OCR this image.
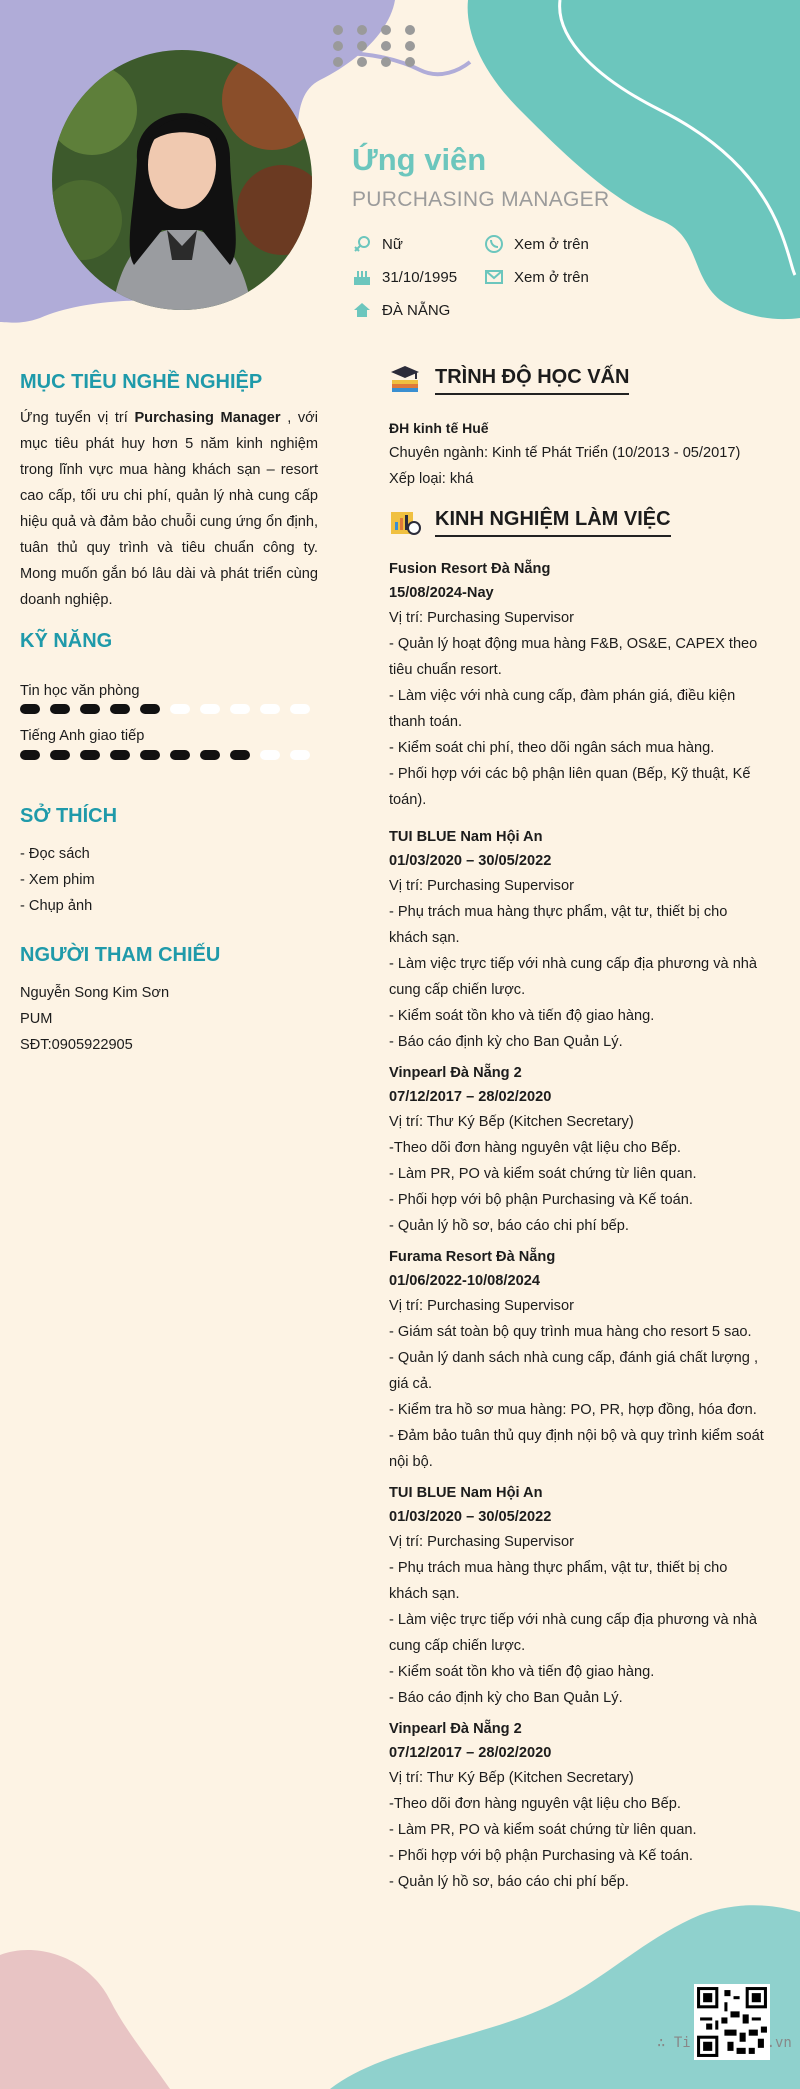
Ứng viên
PURCHASING MANAGER
Nữ	Xem ở trên
31/10/1995	Xem ở trên
ĐÀ NẴNG
MỤC TIÊU NGHỀ NGHIỆP
Ứng tuyển vị trí Purchasing Manager , với mục tiêu phát huy hơn 5 năm kinh nghiệm trong lĩnh vực mua hàng khách sạn – resort cao cấp, tối ưu chi phí, quản lý nhà cung cấp hiệu quả và đảm bảo chuỗi cung ứng ổn định, tuân thủ quy trình và tiêu chuẩn công ty. Mong muốn gắn bó lâu dài và phát triển cùng doanh nghiệp.
KỸ NĂNG
Tin học văn phòng
Tiếng Anh giao tiếp
SỞ THÍCH
- Đọc sách
- Xem phim
- Chụp ảnh
NGƯỜI THAM CHIẾU
Nguyễn Song Kim Sơn
PUM
SĐT:0905922905
TRÌNH ĐỘ HỌC VẤN
ĐH kinh tế Huế
Chuyên ngành: Kinh tế Phát Triển (10/2013 - 05/2017)
Xếp loại: khá
KINH NGHIỆM LÀM VIỆC
Fusion Resort Đà Nẵng
15/08/2024-Nay
Vị trí: Purchasing Supervisor
- Quản lý hoạt động mua hàng F&B, OS&E, CAPEX theo tiêu chuẩn resort.
- Làm việc với nhà cung cấp, đàm phán giá, điều kiện thanh toán.
- Kiểm soát chi phí, theo dõi ngân sách mua hàng.
- Phối hợp với các bộ phận liên quan (Bếp, Kỹ thuật, Kế toán).
TUI BLUE Nam Hội An
01/03/2020 – 30/05/2022
Vị trí: Purchasing Supervisor
- Phụ trách mua hàng thực phẩm, vật tư, thiết bị cho khách sạn.
- Làm việc trực tiếp với nhà cung cấp địa phương và nhà cung cấp chiến lược.
- Kiểm soát tồn kho và tiến độ giao hàng.
- Báo cáo định kỳ cho Ban Quản Lý.
Vinpearl Đà Nẵng 2
07/12/2017 – 28/02/2020
Vị trí: Thư Ký Bếp (Kitchen Secretary)
-Theo dõi đơn hàng nguyên vật liệu cho Bếp.
- Làm PR, PO và kiểm soát chứng từ liên quan.
- Phối hợp với bộ phận Purchasing và Kế toán.
- Quản lý hồ sơ, báo cáo chi phí bếp.
Furama Resort Đà Nẵng
01/06/2022-10/08/2024
Vị trí: Purchasing Supervisor
- Giám sát toàn bộ quy trình mua hàng cho resort 5 sao.
- Quản lý danh sách nhà cung cấp, đánh giá chất lượng , giá cả.
- Kiểm tra hồ sơ mua hàng: PO, PR, hợp đồng, hóa đơn.
- Đảm bảo tuân thủ quy định nội bộ và quy trình kiểm soát nội bộ.
TUI BLUE Nam Hội An
01/03/2020 – 30/05/2022
Vị trí: Purchasing Supervisor
- Phụ trách mua hàng thực phẩm, vật tư, thiết bị cho khách sạn.
- Làm việc trực tiếp với nhà cung cấp địa phương và nhà cung cấp chiến lược.
- Kiểm soát tồn kho và tiến độ giao hàng.
- Báo cáo định kỳ cho Ban Quản Lý.
Vinpearl Đà Nẵng 2
07/12/2017 – 28/02/2020
Vị trí: Thư Ký Bếp (Kitchen Secretary)
-Theo dõi đơn hàng nguyên vật liệu cho Bếp.
- Làm PR, PO và kiểm soát chứng từ liên quan.
- Phối hợp với bộ phận Purchasing và Kế toán.
- Quản lý hồ sơ, báo cáo chi phí bếp.
∴ Ti         .vn
